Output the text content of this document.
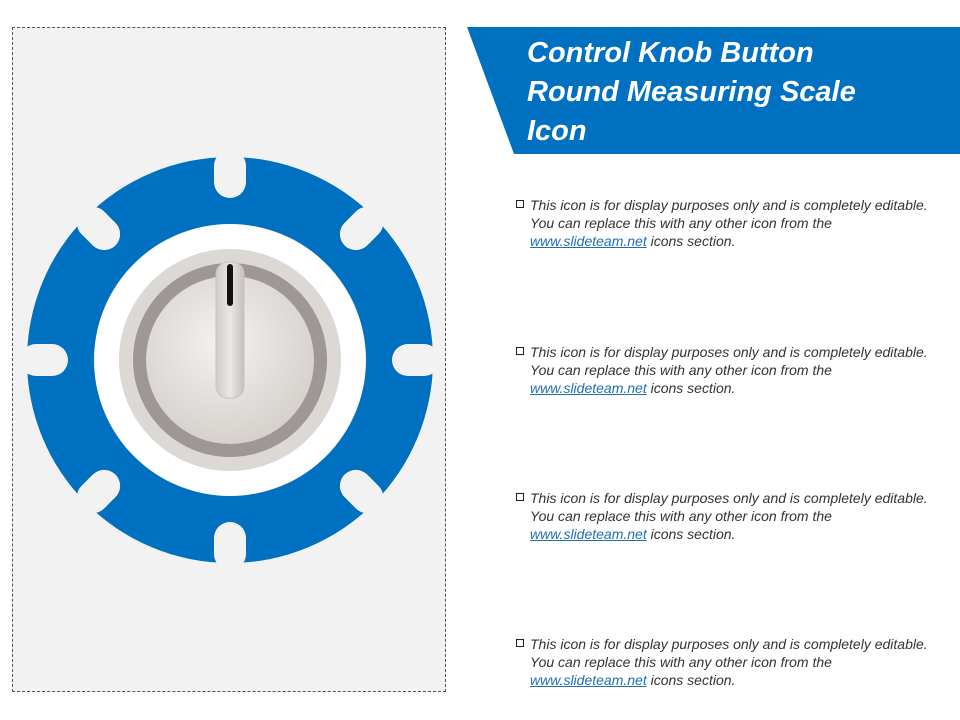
Control Knob Button
Round Measuring Scale
Icon
This icon is for display purposes only and is completely editable. You can replace this with any other icon from the
www.slideteam.net icons section.
This icon is for display purposes only and is completely editable. You can replace this with any other icon from the
www.slideteam.net icons section.
This icon is for display purposes only and is completely editable. You can replace this with any other icon from the
www.slideteam.net icons section.
This icon is for display purposes only and is completely editable. You can replace this with any other icon from the
www.slideteam.net icons section.
